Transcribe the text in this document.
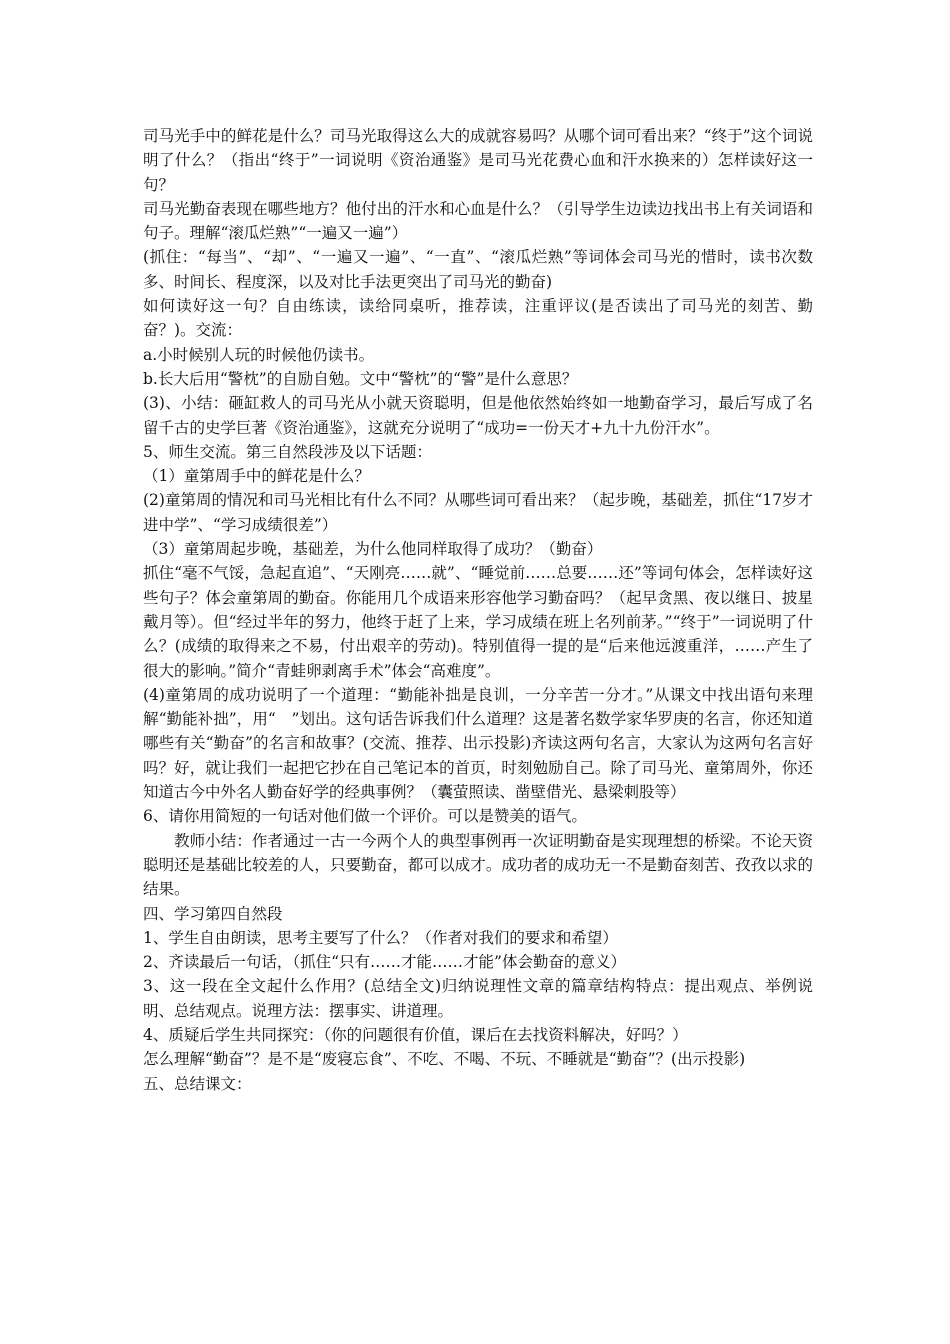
司马光手中的鲜花是什么？司马光取得这么大的成就容易吗？从哪个词可看出来？“终于”这个词说明了什么？（指出“终于”一词说明《资治通鉴》是司马光花费心血和汗水换来的）怎样读好这一句？

司马光勤奋表现在哪些地方？他付出的汗水和心血是什么？（引导学生边读边找出书上有关词语和句子。理解“滚瓜烂熟”“一遍又一遍”）

(抓住：“每当”、“却”、“一遍又一遍”、“一直”、“滚瓜烂熟”等词体会司马光的惜时，读书次数多、时间长、程度深，以及对比手法更突出了司马光的勤奋)

如何读好这一句？自由练读，读给同桌听，推荐读，注重评议(是否读出了司马光的刻苦、勤奋？)。交流：

a.小时候别人玩的时候他仍读书。

b.长大后用“警枕”的自励自勉。文中“警枕”的“警”是什么意思？

(3)、小结：砸缸救人的司马光从小就天资聪明，但是他依然始终如一地勤奋学习，最后写成了名留千古的史学巨著《资治通鉴》，这就充分说明了“成功=一份天才+九十九份汗水”。

5、师生交流。第三自然段涉及以下话题：

（1）童第周手中的鲜花是什么？

(2)童第周的情况和司马光相比有什么不同？从哪些词可看出来？（起步晚，基础差，抓住“17岁才进中学”、“学习成绩很差”）

（3）童第周起步晚，基础差，为什么他同样取得了成功？（勤奋）

抓住“毫不气馁，急起直追”、“天刚亮……就”、“睡觉前……总要……还”等词句体会，怎样读好这些句子？体会童第周的勤奋。你能用几个成语来形容他学习勤奋吗？（起早贪黑、夜以继日、披星戴月等）。但“经过半年的努力，他终于赶了上来，学习成绩在班上名列前茅。”“终于”一词说明了什么？(成绩的取得来之不易，付出艰辛的劳动)。特别值得一提的是“后来他远渡重洋，……产生了很大的影响。”简介“青蛙卵剥离手术”体会“高难度”。

(4)童第周的成功说明了一个道理：“勤能补拙是良训，一分辛苦一分才。”从课文中找出语句来理解“勤能补拙”，用“　”划出。这句话告诉我们什么道理？这是著名数学家华罗庚的名言，你还知道哪些有关“勤奋”的名言和故事？(交流、推荐、出示投影)齐读这两句名言，大家认为这两句名言好吗？好，就让我们一起把它抄在自己笔记本的首页，时刻勉励自己。除了司马光、童第周外，你还知道古今中外名人勤奋好学的经典事例？（囊萤照读、凿壁借光、悬梁刺股等）

6、请你用简短的一句话对他们做一个评价。可以是赞美的语气。

教师小结：作者通过一古一今两个人的典型事例再一次证明勤奋是实现理想的桥梁。不论天资聪明还是基础比较差的人，只要勤奋，都可以成才。成功者的成功无一不是勤奋刻苦、孜孜以求的结果。

四、学习第四自然段

1、学生自由朗读，思考主要写了什么？（作者对我们的要求和希望）

2、齐读最后一句话，（抓住“只有……才能……才能”体会勤奋的意义）

3、这一段在全文起什么作用？(总结全文)归纳说理性文章的篇章结构特点：提出观点、举例说明、总结观点。说理方法：摆事实、讲道理。

4、质疑后学生共同探究：（你的问题很有价值，课后在去找资料解决，好吗？）

怎么理解“勤奋”？是不是“废寝忘食”、不吃、不喝、不玩、不睡就是“勤奋”？(出示投影)

五、总结课文：
